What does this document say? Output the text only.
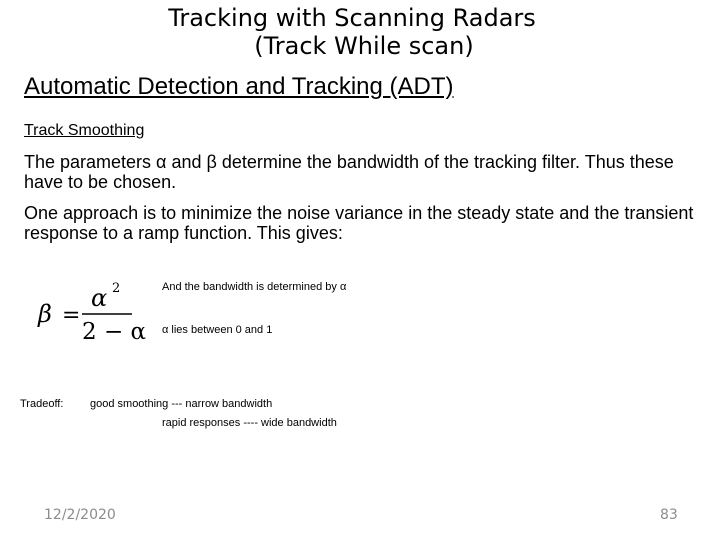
Tracking with Scanning Radars
(Track While scan)
Automatic Detection and Tracking (ADT)
Track Smoothing
The parameters α and β determine the bandwidth of the tracking filter. Thus these have to be chosen.
One approach is to minimize the noise variance in the steady state and the transient response to a ramp function. This gives:
β =
α 2
2 − α
And the bandwidth is determined by α
α lies between 0 and 1
Tradeoff: good smoothing --- narrow bandwidth
rapid responses ---- wide bandwidth
12/2/2020	83
